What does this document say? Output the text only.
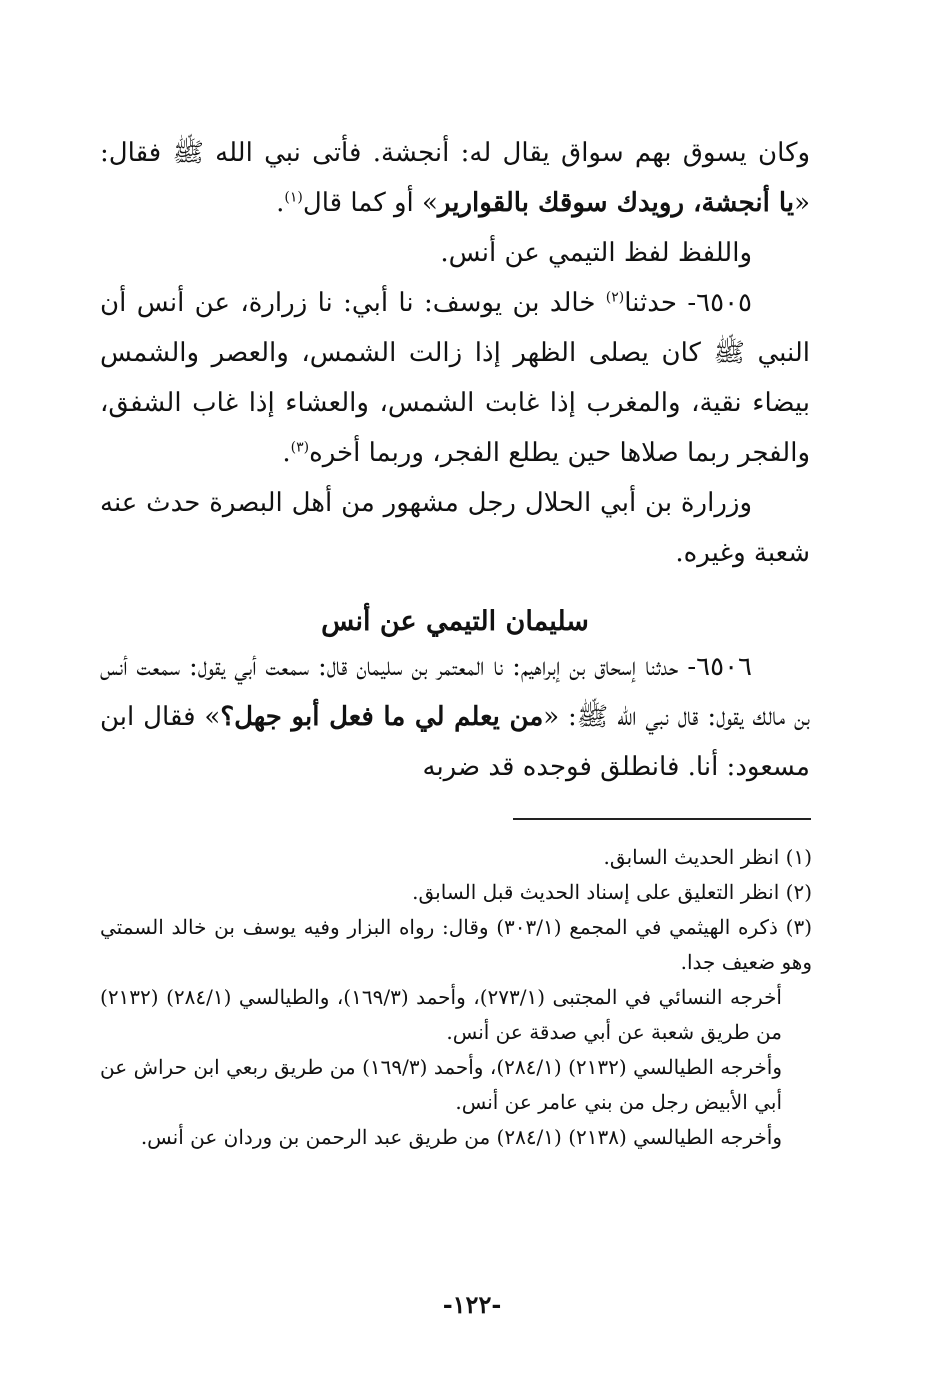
وكان يسوق بهم سواق يقال له: أنجشة. فأتى نبي الله ﷺ فقال: «يا أنجشة، رويدك سوقك بالقوارير» أو كما قال$^{(١)}$.

واللفظ لفظ التيمي عن أنس.

٦٥٠٥- حدثنا$^{(٢)}$ خالد بن يوسف: نا أبي: نا زرارة، عن أنس أن النبي ﷺ كان يصلى الظهر إذا زالت الشمس، والعصر والشمس بيضاء نقية، والمغرب إذا غابت الشمس، والعشاء إذا غاب الشفق، والفجر ربما صلاها حين يطلع الفجر، وربما أخره$^{(٣)}$.

وزرارة بن أبي الحلال رجل مشهور من أهل البصرة حدث عنه شعبة وغيره.

سليمان التيمي عن أنس

٦٥٠٦- حدثنا إسحاق بن إبراهيم: نا المعتمر بن سليمان قال: سمعت أبي يقول: سمعت أنس بن مالك يقول: قال نبي الله ﷺ: «من يعلم لي ما فعل أبو جهل؟» فقال ابن مسعود: أنا. فانطلق فوجده قد ضربه

(١) انظر الحديث السابق.

(٢) انظر التعليق على إسناد الحديث قبل السابق.

(٣) ذكره الهيثمي في المجمع (٣٠٣/١) وقال: رواه البزار وفيه يوسف بن خالد السمتي وهو ضعيف جدا.

أخرجه النسائي في المجتبى (٢٧٣/١)، وأحمد (١٦٩/٣)، والطيالسي (٢٨٤/١) (٢١٣٢) من طريق شعبة عن أبي صدقة عن أنس.

وأخرجه الطيالسي (٢١٣٢) (٢٨٤/١)، وأحمد (١٦٩/٣) من طريق ربعي ابن حراش عن أبي الأبيض رجل من بني عامر عن أنس.

وأخرجه الطيالسي (٢١٣٨) (٢٨٤/١) من طريق عبد الرحمن بن وردان عن أنس.

-١٢٢-
